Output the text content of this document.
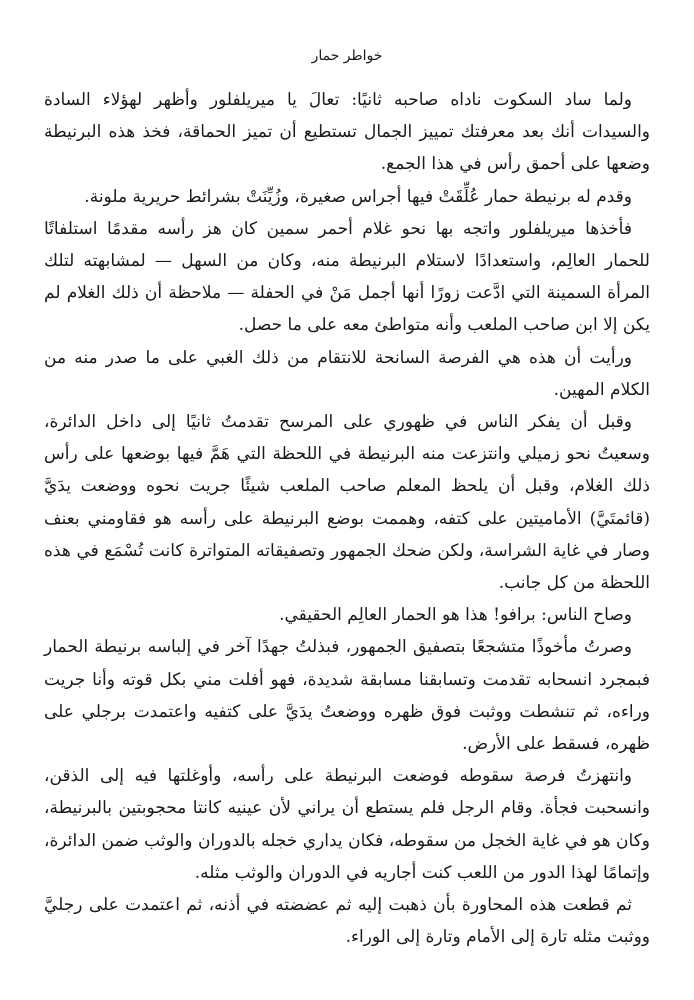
خواطر حمار

ولما ساد السكوت ناداه صاحبه ثانيًا: تعالَ يا ميريلفلور وأظهر لهؤلاء السادة والسيدات أنك بعد معرفتك تمييز الجمال تستطيع أن تميز الحماقة، فخذ هذه البرنيطة وضعها على أحمق رأس في هذا الجمع.

وقدم له برنيطة حمار عُلِّقَتْ فيها أجراس صغيرة، وزُيِّنَتْ بشرائط حريرية ملونة.

فأخذها ميريلفلور واتجه بها نحو غلام أحمر سمين كان هز رأسه مقدمًا استلفاتًا للحمار العالِم، واستعدادًا لاستلام البرنيطة منه، وكان من السهل — لمشابهته لتلك المرأة السمينة التي ادَّعت زورًا أنها أجمل مَنْ في الحفلة — ملاحظة أن ذلك الغلام لم يكن إلا ابن صاحب الملعب وأنه متواطئ معه على ما حصل.

ورأيت أن هذه هي الفرصة السانحة للانتقام من ذلك الغبي على ما صدر منه من الكلام المهين.

وقبل أن يفكر الناس في ظهوري على المرسح تقدمتُ ثانيًا إلى داخل الدائرة، وسعيتُ نحو زميلي وانتزعت منه البرنيطة في اللحظة التي هَمَّ فيها بوضعها على رأس ذلك الغلام، وقبل أن يلحظ المعلم صاحب الملعب شيئًا جريت نحوه ووضعت يدَيَّ (قائمتَيَّ) الأماميتين على كتفه، وهممت بوضع البرنيطة على رأسه هو فقاومني بعنف وصار في غاية الشراسة، ولكن ضحك الجمهور وتصفيقاته المتواترة كانت تُسْمَع في هذه اللحظة من كل جانب.

وصاح الناس: برافو! هذا هو الحمار العالِم الحقيقي.

وصرتُ مأخوذًا متشجعًا بتصفيق الجمهور، فبذلتُ جهدًا آخر في إلباسه برنيطة الحمار فبمجرد انسحابه تقدمت وتسابقنا مسابقة شديدة، فهو أفلت مني بكل قوته وأنا جريت وراءه، ثم تنشطت ووثبت فوق ظهره ووضعتُ يدَيَّ على كتفيه واعتمدت برجلي على ظهره، فسقط على الأرض.

وانتهزتُ فرصة سقوطه فوضعت البرنيطة على رأسه، وأوغلتها فيه إلى الذقن، وانسحبت فجأة. وقام الرجل فلم يستطع أن يراني لأن عينيه كانتا محجوبتين بالبرنيطة، وكان هو في غاية الخجل من سقوطه، فكان يداري خجله بالدوران والوثب ضمن الدائرة، وإتمامًا لهذا الدور من اللعب كنت أجاريه في الدوران والوثب مثله.

ثم قطعت هذه المحاورة بأن ذهبت إليه ثم عضضته في أذنه، ثم اعتمدت على رجليَّ ووثبت مثله تارة إلى الأمام وتارة إلى الوراء.
